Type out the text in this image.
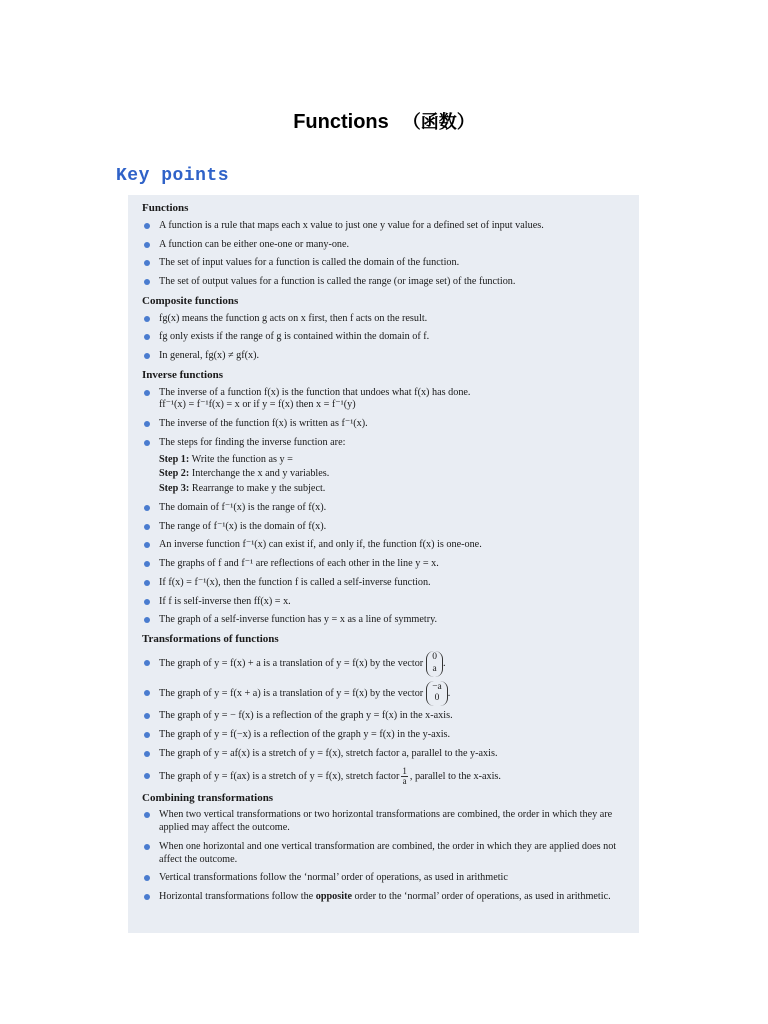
Functions （函数）
Key points
Functions
A function is a rule that maps each x value to just one y value for a defined set of input values.
A function can be either one-one or many-one.
The set of input values for a function is called the domain of the function.
The set of output values for a function is called the range (or image set) of the function.
Composite functions
fg(x) means the function g acts on x first, then f acts on the result.
fg only exists if the range of g is contained within the domain of f.
In general, fg(x) ≠ gf(x).
Inverse functions
The inverse of a function f(x) is the function that undoes what f(x) has done.
ff⁻¹(x) = f⁻¹f(x) = x or if y = f(x) then x = f⁻¹(y)
The inverse of the function f(x) is written as f⁻¹(x).
The steps for finding the inverse function are:
Step 1: Write the function as y =
Step 2: Interchange the x and y variables.
Step 3: Rearrange to make y the subject.
The domain of f⁻¹(x) is the range of f(x).
The range of f⁻¹(x) is the domain of f(x).
An inverse function f⁻¹(x) can exist if, and only if, the function f(x) is one-one.
The graphs of f and f⁻¹ are reflections of each other in the line y = x.
If f(x) = f⁻¹(x), then the function f is called a self-inverse function.
If f is self-inverse then ff(x) = x.
The graph of a self-inverse function has y = x as a line of symmetry.
Transformations of functions
The graph of y = f(x) + a is a translation of y = f(x) by the vector
0
a .
The graph of y = f(x + a) is a translation of y = f(x) by the vector
−a
0 .
The graph of y = − f(x) is a reflection of the graph y = f(x) in the x-axis.
The graph of y = f(−x) is a reflection of the graph y = f(x) in the y-axis.
The graph of y = af(x) is a stretch of y = f(x), stretch factor a, parallel to the y-axis.
The graph of y = f(ax) is a stretch of y = f(x), stretch factor $\frac{1}{a}$ , parallel to the x-axis.
Combining transformations
When two vertical transformations or two horizontal transformations are combined, the order in which they are applied may affect the outcome.
When one horizontal and one vertical transformation are combined, the order in which they are applied does not affect the outcome.
Vertical transformations follow the ‘normal’ order of operations, as used in arithmetic
Horizontal transformations follow the opposite order to the ‘normal’ order of operations, as used in arithmetic.
